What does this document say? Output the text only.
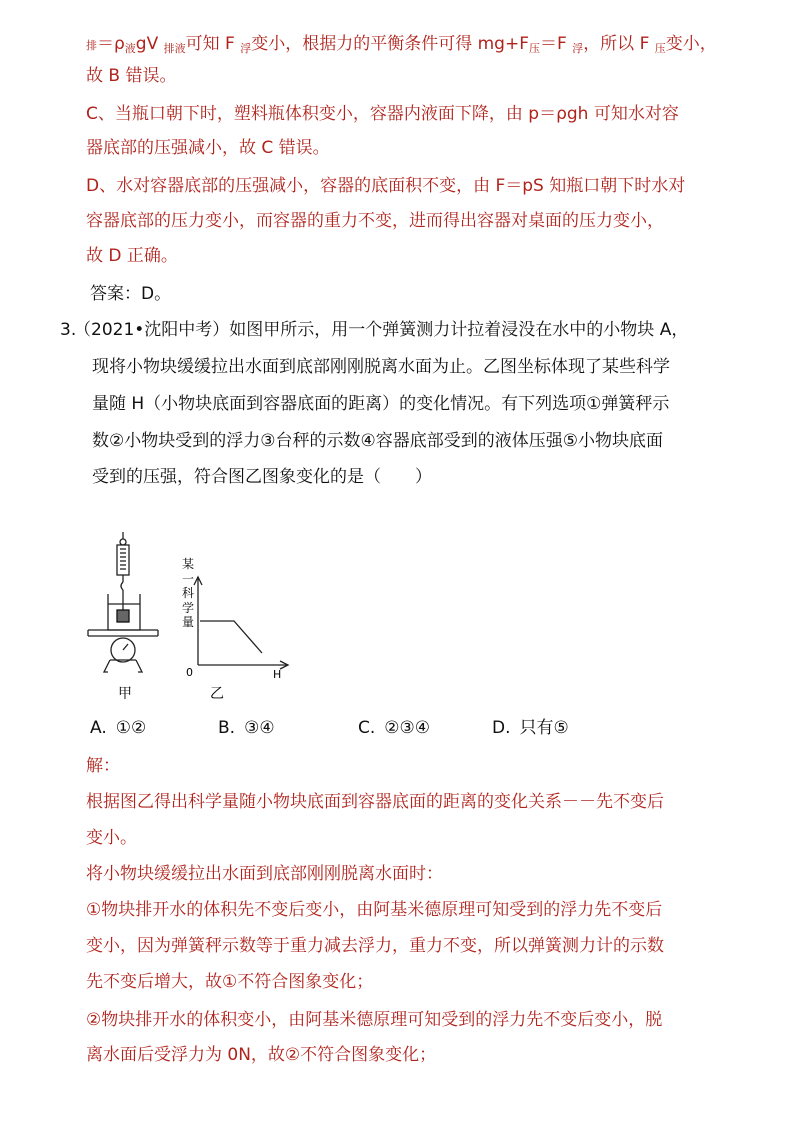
排$=\rho_液gV$ $_{排液}$可知 F $_浮$变小，根据力的平衡条件可得 $mg+F_压=F$ $_浮$，所以 F $_压$变小，
故 B 错误。
C、当瓶口朝下时，塑料瓶体积变小，容器内液面下降，由 p＝ρgh 可知水对容
器底部的压强减小，故 C 错误。
D、水对容器底部的压强减小，容器的底面积不变，由 F＝pS 知瓶口朝下时水对
容器底部的压力变小，而容器的重力不变，进而得出容器对桌面的压力变小，
故 D 正确。
答案：D。
3.
（2021•沈阳中考）如图甲所示，用一个弹簧测力计拉着浸没在水中的小物块 A，
现将小物块缓缓拉出水面到底部刚刚脱离水面为止。乙图坐标体现了某些科学
量随 H（小物块底面到容器底面的距离）的变化情况。有下列选项①弹簧秤示
数②小物块受到的浮力③台秤的示数④容器底部受到的液体压强⑤小物块底面
受到的压强，符合图乙图象变化的是（　　）
甲
某
一
科
学
量
0	H
乙
A. ①②	B. ③④	C. ②③④	D. 只有⑤
解：
根据图乙得出科学量随小物块底面到容器底面的距离的变化关系－－先不变后
变小。
将小物块缓缓拉出水面到底部刚刚脱离水面时：
①物块排开水的体积先不变后变小，由阿基米德原理可知受到的浮力先不变后
变小，因为弹簧秤示数等于重力减去浮力，重力不变，所以弹簧测力计的示数
先不变后增大，故①不符合图象变化；
②物块排开水的体积变小，由阿基米德原理可知受到的浮力先不变后变小，脱
离水面后受浮力为 0N，故②不符合图象变化；
